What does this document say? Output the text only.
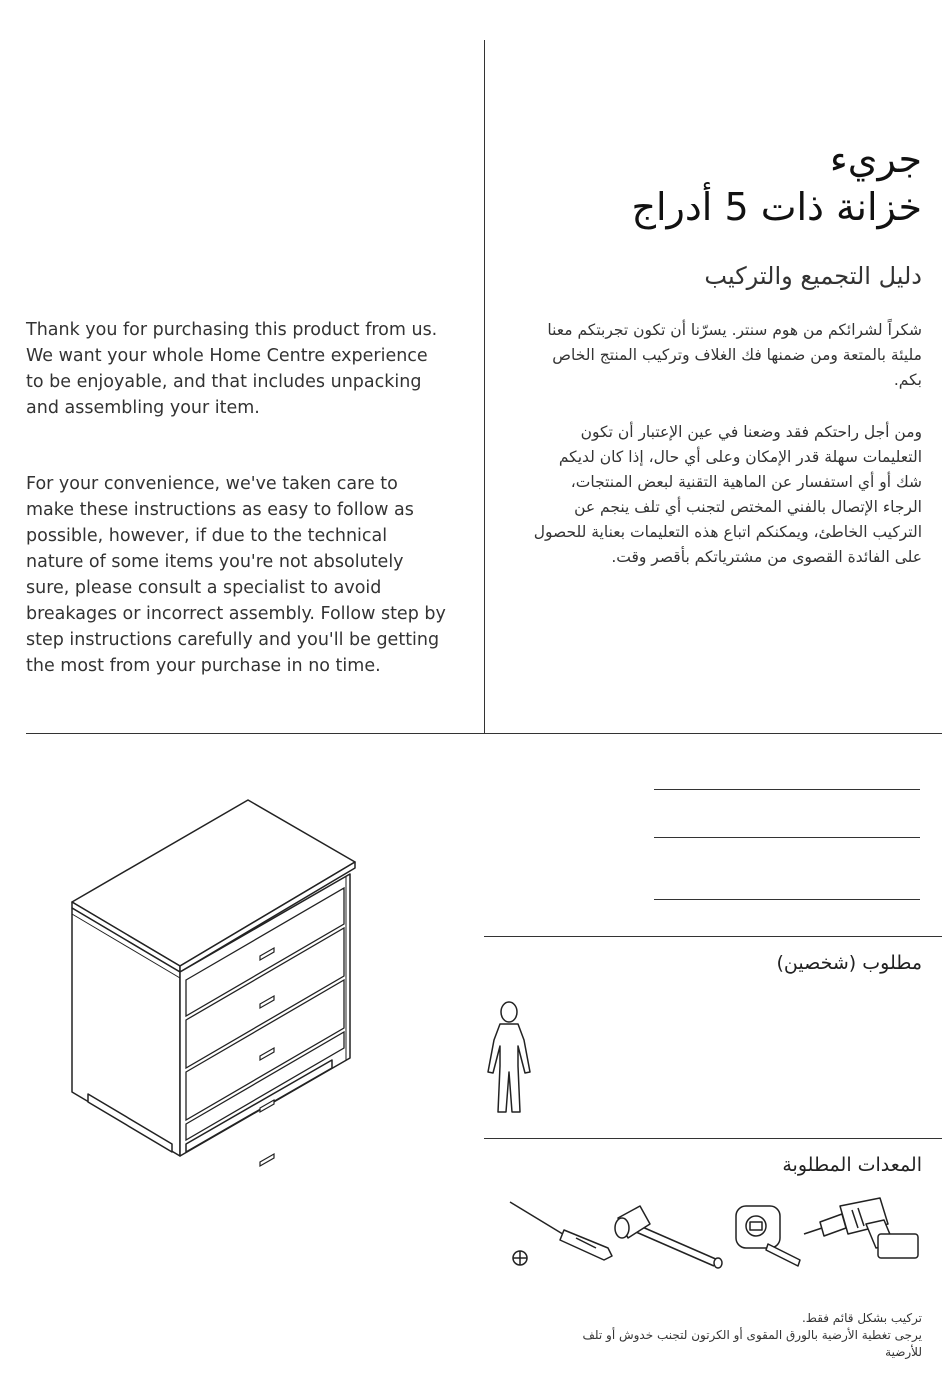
Thank you for purchasing this product from us. We want your whole Home Centre experience to be enjoyable, and that includes unpacking and assembling your item.

For your convenience, we've taken care to make these instructions as easy to follow as possible, however, if due to the technical nature of some items you're not absolutely sure, please consult a specialist to avoid breakages or incorrect assembly. Follow step by step instructions carefully and you'll be getting the most from your purchase in no time.

جريء
خزانة ذات 5 أدراج

دليل التجميع والتركيب

شكراً لشرائكم من هوم سنتر. يسرّنا أن تكون تجربتكم معنا مليئة بالمتعة ومن ضمنها فك الغلاف وتركيب المنتج الخاص بكم.

ومن أجل راحتكم فقد وضعنا في عين الإعتبار أن تكون التعليمات سهلة قدر الإمكان وعلى أي حال، إذا كان لديكم شك أو أي استفسار عن الماهية التقنية لبعض المنتجات، الرجاء الإتصال بالفني المختص لتجنب أي تلف ينجم عن التركيب الخاطئ، ويمكنكم اتباع هذه التعليمات بعناية للحصول على الفائدة القصوى من مشترياتكم بأقصر وقت.

مطلوب (شخصين)

المعدات المطلوبة

تركيب بشكل قائم فقط.
يرجى تغطية الأرضية بالورق المقوى أو الكرتون لتجنب خدوش أو تلف للأرضية
